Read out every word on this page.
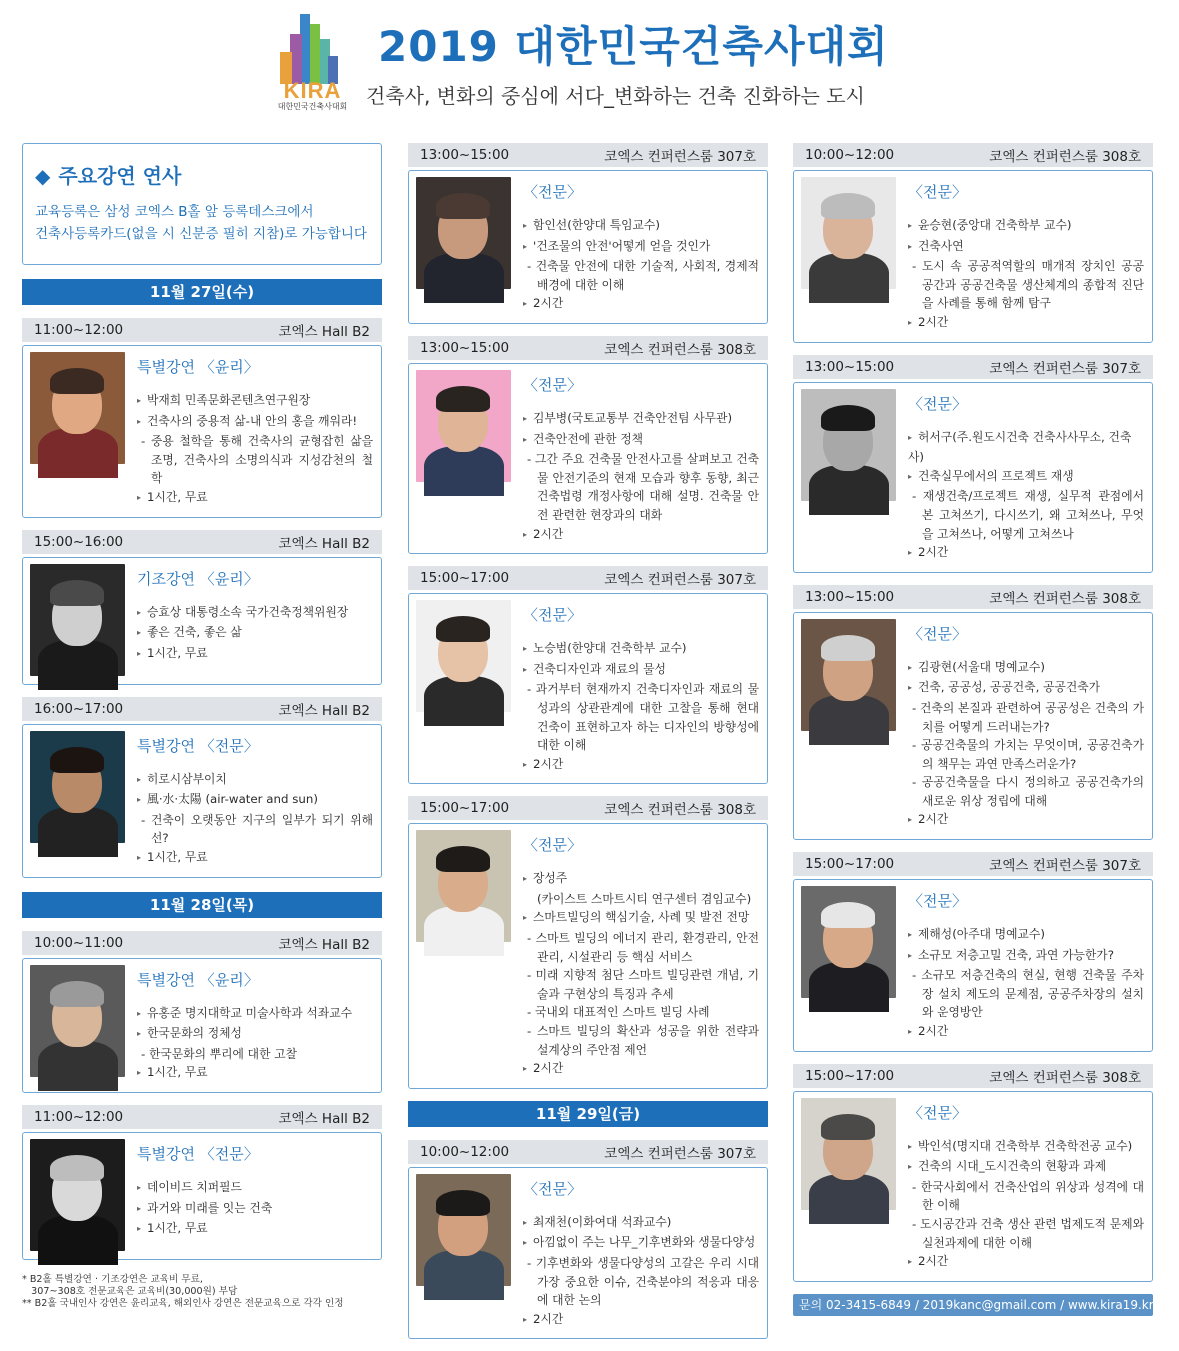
KIRA
대한민국건축사대회
2019 대한민국건축사대회
건축사, 변화의 중심에 서다_변화하는 건축 진화하는 도시
◆ 주요강연 연사
교육등록은 삼성 코엑스 B홀 앞 등록데스크에서
건축사등록카드(없을 시 신분증 필히 지참)로 가능합니다
11월 27일(수)
11:00~12:00	코엑스 Hall B2
특별강연 〈윤리〉
▸ 박재희 민족문화콘텐츠연구원장
▸ 건축사의 중용적 삶-내 안의 홍을 깨워라!
- 중용 철학을 통해 건축사의 균형잡힌 삶을 조명, 건축사의 소명의식과 지성감천의 철학
▸ 1시간, 무료
15:00~16:00	코엑스 Hall B2
기조강연 〈윤리〉
▸ 승효상 대통령소속 국가건축정책위원장
▸ 좋은 건축, 좋은 삶
▸ 1시간, 무료
16:00~17:00	코엑스 Hall B2
특별강연 〈전문〉
▸ 히로시삼부이치
▸ 風·水·太陽 (air-water and sun)
- 건축이 오랫동안 지구의 일부가 되기 위해선?
▸ 1시간, 무료
11월 28일(목)
10:00~11:00	코엑스 Hall B2
특별강연 〈윤리〉
▸ 유홍준 명지대학교 미술사학과 석좌교수
▸ 한국문화의 정체성
- 한국문화의 뿌리에 대한 고찰
▸ 1시간, 무료
11:00~12:00	코엑스 Hall B2
특별강연 〈전문〉
▸ 데이비드 치퍼필드
▸ 과거와 미래를 잇는 건축
▸ 1시간, 무료
* B2홀 특별강연 · 기조강연은 교육비 무료,
307~308호 전문교육은 교육비(30,000원) 부담
** B2홀 국내인사 강연은 윤리교육, 해외인사 강연은 전문교육으로 각각 인정
13:00~15:00	코엑스 컨퍼런스룸 307호
〈전문〉
▸ 함인선(한양대 특임교수)
▸ '건조물의 안전'어떻게 얻을 것인가
- 건축물 안전에 대한 기술적, 사회적, 경제적 배경에 대한 이해
▸ 2시간
13:00~15:00	코엑스 컨퍼런스룸 308호
〈전문〉
▸ 김부병(국토교통부 건축안전팀 사무관)
▸ 건축안전에 관한 정책
- 그간 주요 건축물 안전사고를 살펴보고 건축물 안전기준의 현재 모습과 향후 동향, 최근 건축법령 개정사항에 대해 설명. 건축물 안전 관련한 현장과의 대화
▸ 2시간
15:00~17:00	코엑스 컨퍼런스룸 307호
〈전문〉
▸ 노승범(한양대 건축학부 교수)
▸ 건축디자인과 재료의 물성
- 과거부터 현재까지 건축디자인과 재료의 물성과의 상관관계에 대한 고찰을 통해 현대건축이 표현하고자 하는 디자인의 방향성에 대한 이해
▸ 2시간
15:00~17:00	코엑스 컨퍼런스룸 308호
〈전문〉
▸ 장성주
(카이스트 스마트시티 연구센터 겸임교수)
▸ 스마트빌딩의 핵심기술, 사례 및 발전 전망
- 스마트 빌딩의 에너지 관리, 환경관리, 안전관리, 시설관리 등 핵심 서비스
- 미래 지향적 첨단 스마트 빌딩관련 개념, 기술과 구현상의 특징과 추세
- 국내외 대표적인 스마트 빌딩 사례
- 스마트 빌딩의 확산과 성공을 위한 전략과 설계상의 주안점 제언
▸ 2시간
11월 29일(금)
10:00~12:00	코엑스 컨퍼런스룸 307호
〈전문〉
▸ 최재천(이화여대 석좌교수)
▸ 아낌없이 주는 나무_기후변화와 생물다양성
- 기후변화와 생물다양성의 고갈은 우리 시대 가장 중요한 이슈, 건축분야의 적응과 대응에 대한 논의
▸ 2시간
10:00~12:00	코엑스 컨퍼런스룸 308호
〈전문〉
▸ 윤승현(중앙대 건축학부 교수)
▸ 건축사연
- 도시 속 공공적역할의 매개적 장치인 공공 공간과 공공건축물 생산체계의 종합적 진단을 사례를 통해 함께 탐구
▸ 2시간
13:00~15:00	코엑스 컨퍼런스룸 307호
〈전문〉
▸ 허서구(주.원도시건축 건축사사무소, 건축사)
▸ 건축실무에서의 프로젝트 재생
- 재생건축/프로젝트 재생, 실무적 관점에서 본 고쳐쓰기, 다시쓰기, 왜 고쳐쓰나, 무엇을 고쳐쓰나, 어떻게 고쳐쓰나
▸ 2시간
13:00~15:00	코엑스 컨퍼런스룸 308호
〈전문〉
▸ 김광현(서울대 명예교수)
▸ 건축, 공공성, 공공건축, 공공건축가
- 건축의 본질과 관련하여 공공성은 건축의 가치를 어떻게 드러내는가?
- 공공건축물의 가치는 무엇이며, 공공건축가의 책무는 과연 만족스러운가?
- 공공건축물을 다시 정의하고 공공건축가의 새로운 위상 정립에 대해
▸ 2시간
15:00~17:00	코엑스 컨퍼런스룸 307호
〈전문〉
▸ 제해성(아주대 명예교수)
▸ 소규모 저층고밀 건축, 과연 가능한가?
- 소규모 저층건축의 현실, 현행 건축물 주차장 설치 제도의 문제점, 공공주차장의 설치와 운영방안
▸ 2시간
15:00~17:00	코엑스 컨퍼런스룸 308호
〈전문〉
▸ 박인석(명지대 건축학부 건축학전공 교수)
▸ 건축의 시대_도시건축의 현황과 과제
- 한국사회에서 건축산업의 위상과 성격에 대한 이해
- 도시공간과 건축 생산 관련 법제도적 문제와 실천과제에 대한 이해
▸ 2시간
문의 02-3415-6849 / 2019kanc@gmail.com / www.kira19.kr
